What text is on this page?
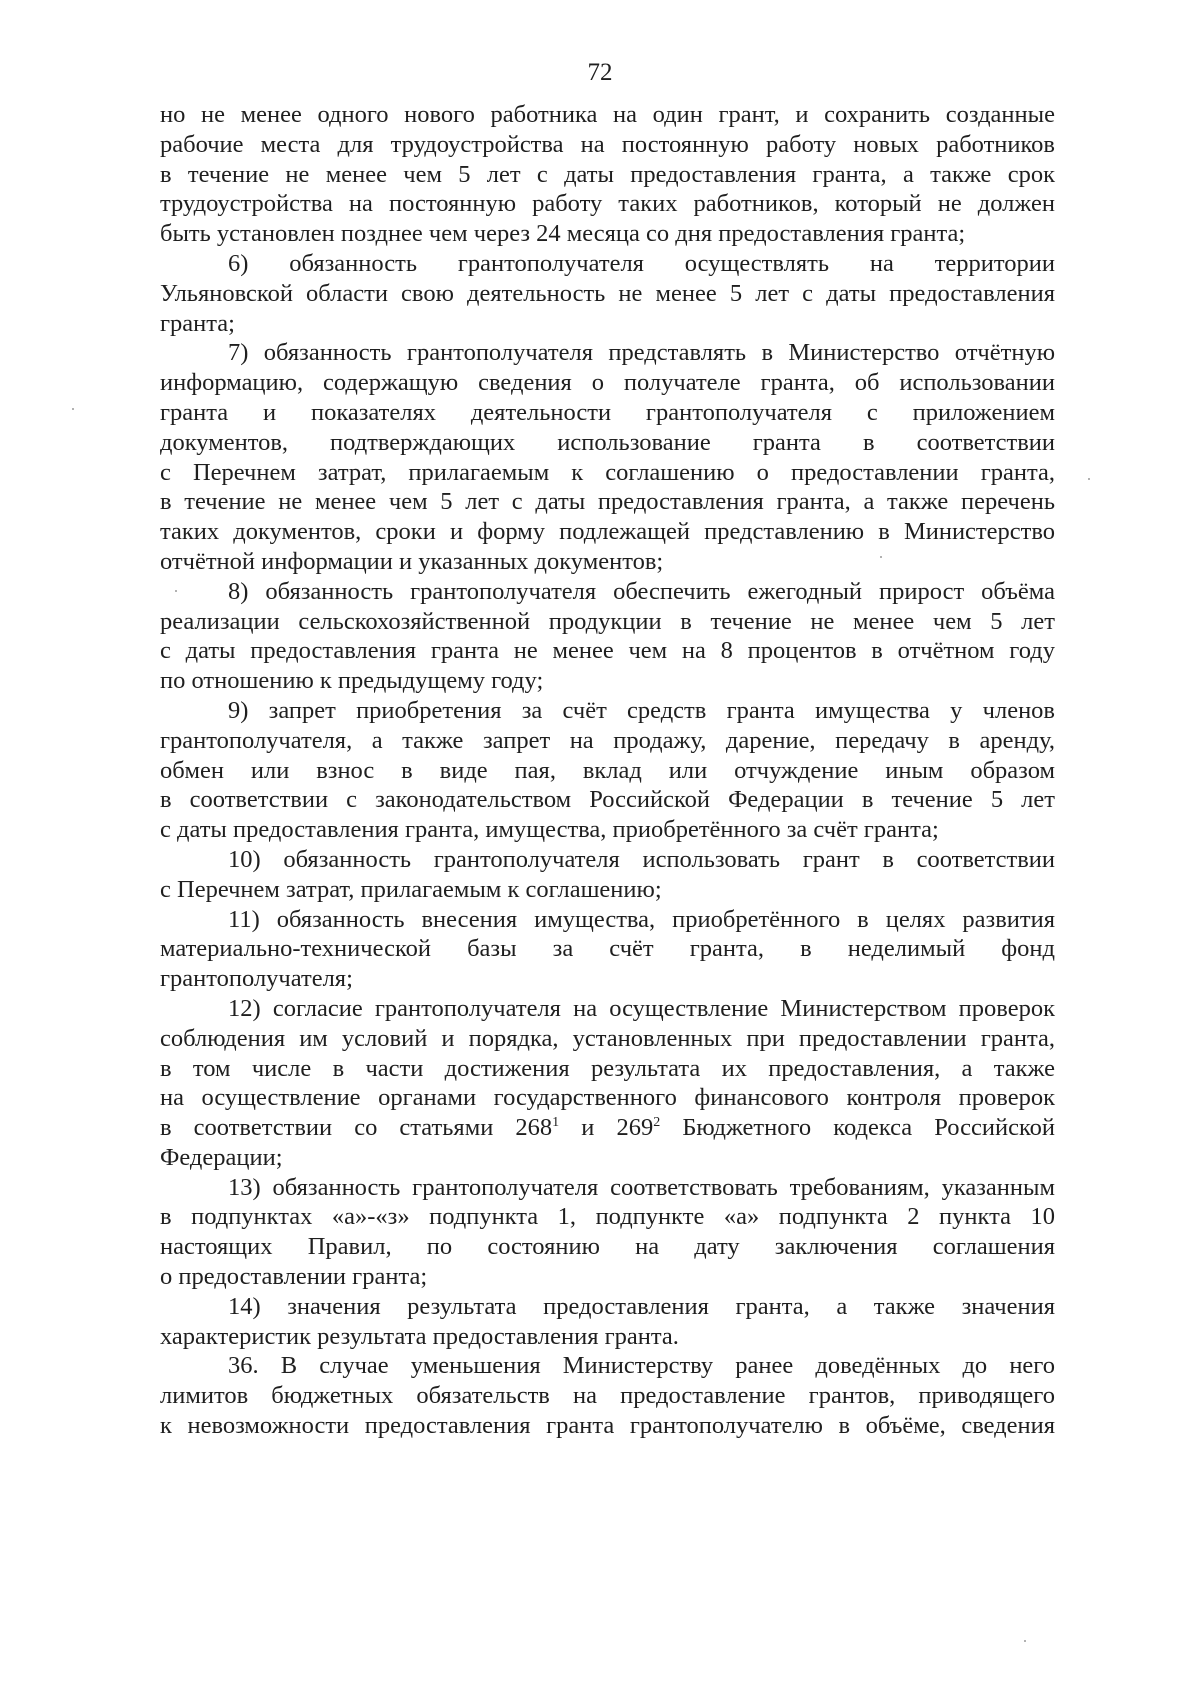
72
но не менее одного нового работника на один грант, и сохранить созданные
рабочие места для трудоустройства на постоянную работу новых работников
в течение не менее чем 5 лет с даты предоставления гранта, а также срок
трудоустройства на постоянную работу таких работников, который не должен
быть установлен позднее чем через 24 месяца со дня предоставления гранта;
6) обязанность грантополучателя осуществлять на территории
Ульяновской области свою деятельность не менее 5 лет с даты предоставления
гранта;
7) обязанность грантополучателя представлять в Министерство отчётную
информацию, содержащую сведения о получателе гранта, об использовании
гранта и показателях деятельности грантополучателя с приложением
документов, подтверждающих использование гранта в соответствии
с Перечнем затрат, прилагаемым к соглашению о предоставлении гранта,
в течение не менее чем 5 лет с даты предоставления гранта, а также перечень
таких документов, сроки и форму подлежащей представлению в Министерство
отчётной информации и указанных документов;
8) обязанность грантополучателя обеспечить ежегодный прирост объёма
реализации сельскохозяйственной продукции в течение не менее чем 5 лет
с даты предоставления гранта не менее чем на 8 процентов в отчётном году
по отношению к предыдущему году;
9) запрет приобретения за счёт средств гранта имущества у членов
грантополучателя, а также запрет на продажу, дарение, передачу в аренду,
обмен или взнос в виде пая, вклад или отчуждение иным образом
в соответствии с законодательством Российской Федерации в течение 5 лет
с даты предоставления гранта, имущества, приобретённого за счёт гранта;
10) обязанность грантополучателя использовать грант в соответствии
с Перечнем затрат, прилагаемым к соглашению;
11) обязанность внесения имущества, приобретённого в целях развития
материально-технической базы за счёт гранта, в неделимый фонд
грантополучателя;
12) согласие грантополучателя на осуществление Министерством проверок
соблюдения им условий и порядка, установленных при предоставлении гранта,
в том числе в части достижения результата их предоставления, а также
на осуществление органами государственного финансового контроля проверок
в соответствии со статьями $268^1$ и $269^2$ Бюджетного кодекса Российской
Федерации;
13) обязанность грантополучателя соответствовать требованиям, указанным
в подпунктах «а»-«з» подпункта 1, подпункте «а» подпункта 2 пункта 10
настоящих Правил, по состоянию на дату заключения соглашения
о предоставлении гранта;
14) значения результата предоставления гранта, а также значения
характеристик результата предоставления гранта.
36. В случае уменьшения Министерству ранее доведённых до него
лимитов бюджетных обязательств на предоставление грантов, приводящего
к невозможности предоставления гранта грантополучателю в объёме, сведения
